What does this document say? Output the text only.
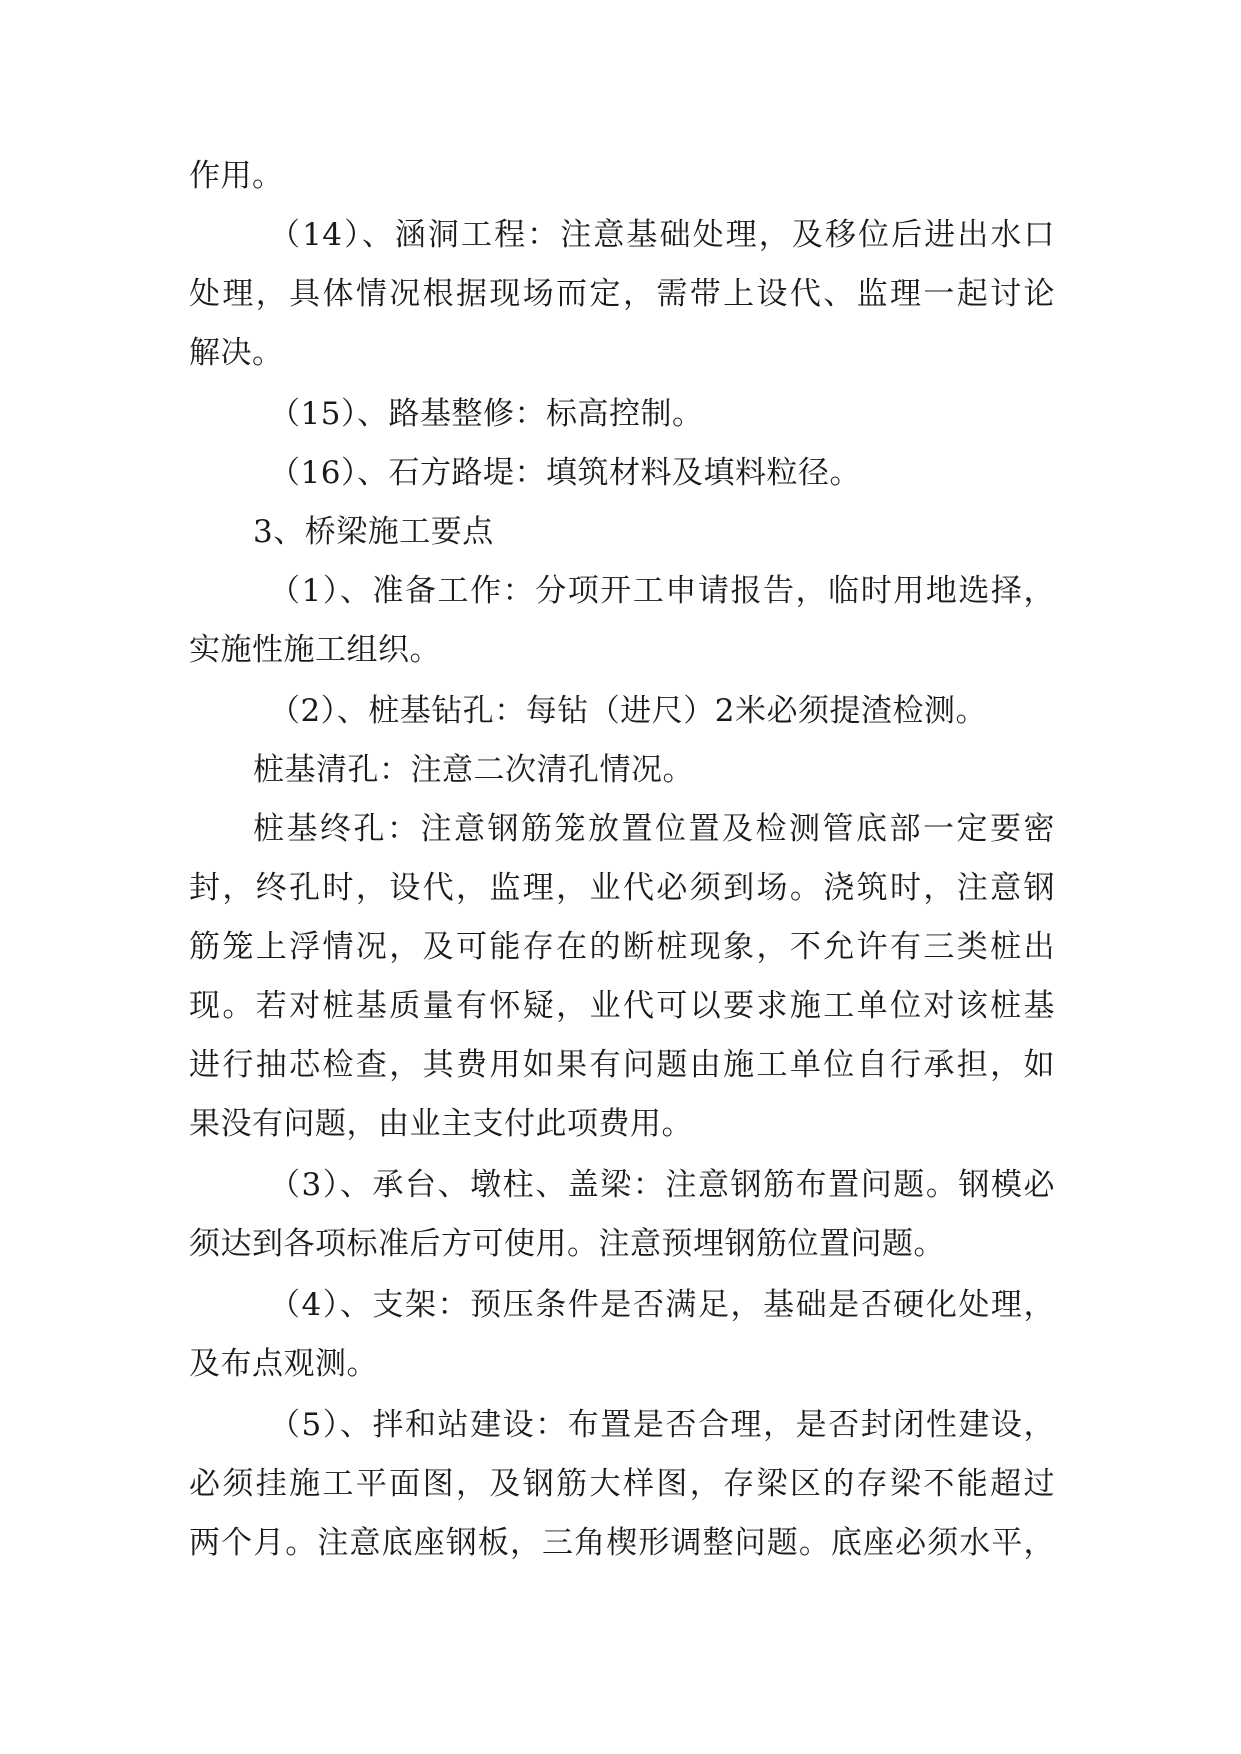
作用。

（14）、涵洞工程：注意基础处理，及移位后进出水口

处理，具体情况根据现场而定，需带上设代、监理一起讨论

解决。

（15）、路基整修：标高控制。

（16）、石方路堤：填筑材料及填料粒径。

3、桥梁施工要点

（1）、准备工作：分项开工申请报告，临时用地选择，

实施性施工组织。

（2）、桩基钻孔：每钻（进尺）2米必须提渣检测。

桩基清孔：注意二次清孔情况。

桩基终孔：注意钢筋笼放置位置及检测管底部一定要密

封，终孔时，设代，监理，业代必须到场。浇筑时，注意钢

筋笼上浮情况，及可能存在的断桩现象，不允许有三类桩出

现。若对桩基质量有怀疑，业代可以要求施工单位对该桩基

进行抽芯检查，其费用如果有问题由施工单位自行承担，如

果没有问题，由业主支付此项费用。

（3）、承台、墩柱、盖梁：注意钢筋布置问题。钢模必

须达到各项标准后方可使用。注意预埋钢筋位置问题。

（4）、支架：预压条件是否满足，基础是否硬化处理，

及布点观测。

（5）、拌和站建设：布置是否合理，是否封闭性建设，

必须挂施工平面图，及钢筋大样图，存梁区的存梁不能超过

两个月。注意底座钢板，三角楔形调整问题。底座必须水平，
